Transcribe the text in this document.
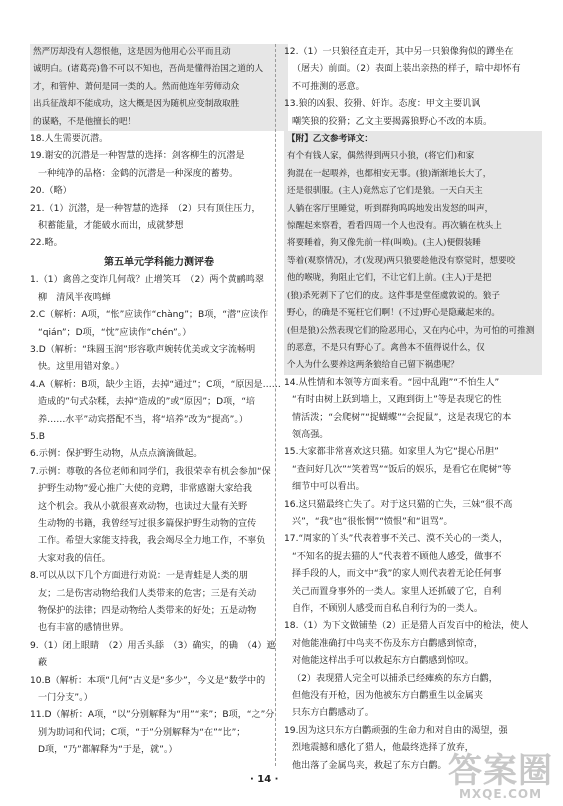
然严厉却没有人怨恨他，这是因为他用心公平而且动
诚明白。(诸葛亮)鲁不可以不知也，吾尚是懂得治国之道的人
才，和管仲、萧何是同一类的人。然而他连年劳师动众
出兵征战却不能成功，这大概是因为随机应变制敌取胜
的谋略，不是他擅长的吧！
18.人生需要沉潜。
19.谢安的沉潜是一种智慧的选择：剑客柳生的沉潜是
一种纯净的品格：金鹤的沉潜是一种深度的蓄势。
20.（略）
21.（1）沉潜，是一种智慧的选择　（2）只有顶住压力，
积蓄能量，才能破水而出，成就梦想
22.略。
第五单元学科能力测评卷
1.（1）禽兽之变诈几何哉？止增笑耳　（2）两个黄鹂鸣翠
柳　清风半夜鸣蝉
2.C（解析：A项，“怅”应读作“chàng”；B项，“潜”应读作
“qián”；D项，“忱”应读作“chén”。）
3.D（解析：“珠圆玉润”形容歌声婉转优美或文字流畅明
快。这里用错对象。）
4.A（解析：B项，缺少主语，去掉“通过”；C项，“原因是……
造成的”句式杂糅，去掉“造成的”或“原因”；D项，“培
养……水平”动宾搭配不当，将“培养”改为“提高”。）
5.B
6.示例：保护野生动物，从点点滴滴做起。
7.示例：尊敬的各位老师和同学们，我很荣幸有机会参加“保
护野生动物”爱心推广大使的竞聘，非常感谢大家给我
这个机会。我从小就很喜欢动物，也读过大量有关野
生动物的书籍，我曾经写过很多篇保护野生动物的宣传
工作。希望大家能支持我，我会竭尽全力地工作，不辜负
大家对我的信任。
8.可以从以下几个方面进行劝说：一是青蛙是人类的朋
友；二是伤害动物给我们人类带来的危害；三是有关动
物保护的法律；四是动物给人类带来的好处；五是动物
也有丰富的感情世界。
9.（1）闭上眼睛　（2）用舌头舔　（3）确实，的确　（4）遮
蔽
10.B（解析：本项“几何”古义是“多少”，今义是“数学中的
一门分支”。）
11.D（解析：A项，“以”分别解释为“用”“来”；B项，“之”分
别为助词和代词；C项，“于”分别解释为“在”“比”；
D项，“乃”都解释为“于是，就”。）
12.（1）一只狼径直走开，其中另一只狼像狗似的蹲坐在
（屠夫）前面。（2）表面上装出亲热的样子，暗中却怀有
不可推测的恶意。
13.狼的凶狠、狡猾、奸诈。态度：甲文主要讥讽
嘲笑狼的狡猾；乙文主要揭露狼野心不改的本质。
【附】乙文参考译文：
有个有钱人家，偶然得到两只小狼，(将它们)和家
狗混在一起喂养，也都相安无事。(狼)渐渐地长大了，
还是很驯服。(主人)竟然忘了它们是狼。一天白天主
人躺在客厅里睡觉，听到群狗呜呜地发出发怒的叫声，
惊醒起来察看，看看四周一个人也没有。再次躺在枕头上
将要睡着，狗又像先前一样(叫唤)。(主人)便假装睡
等着(观察情况)，才(发现)两只狼要趁他没有察觉时，想要咬
他的喉咙，狗阻止它们，不让它们上前。(主人)于是把
(狼)杀死剥下了它们的皮。这件事是堂侄虞敦说的。狼子
野心，的确是不冤枉它们啊！(不过)野心是隐藏起来的。
(但是狼)公然表现它们的险恶用心，又在内心中，为可怕的可推测
的恶意，不是只有野心了。禽兽本不值得说什么，仅
个人为什么要养这两条狼给自己留下祸患呢？
14.从性情和本领等方面来看。“园中乱跑”“不怕生人”
“有时由树上跃到墙上，又跑到街上”等是表现它的性
情活泼；“会爬树”“捉蝴蝶”“会捉鼠”，这是表现它的本
领高强。
15.大家都非常喜欢这只猫。如家里人为它“提心吊胆”
“查问好几次”“笑着骂”“饭后的娱乐，是看它在爬树”等
细节中可以看出。
16.这只猫最终亡失了。对于这只猫的亡失，三妹“很不高
兴”，“我”也“很怅惘”“愤恨”和“诅骂”。
17.“周家的丫头”代表着事不关己、漠不关心的一类人，
“不知名的捉去猫的人”代表着不顾他人感受，做事不
择手段的人，而文中“我”的家人则代表着无论任何事
关己而置身事外的一类人。家里人还抓破了它，自利
自作，不顾别人感受而自私自利行为的一类人。
18.（1）为下文做铺垫（2）正是猎人百发百中的枪法，使人
对他能准确打中鸟夹不伤及东方白鹳感到惊奇，
对他能这样出手可以救起东方白鹳感到惊叹。
（2）表现猎人完全可以捕杀已经瘫痪的东方白鹳，
但他没有开枪，因为他被东方白鹳重生以金属夹
只东方白鹳感动了。
19.因为这只东方白鹳顽强的生命力和对自由的渴望，强
烈地震撼和感化了猎人，他最终选择了放弃，
他出落了金属鸟夹，救起了东方白鹳。
· 14 ·	答案圈
MXQE.COM
